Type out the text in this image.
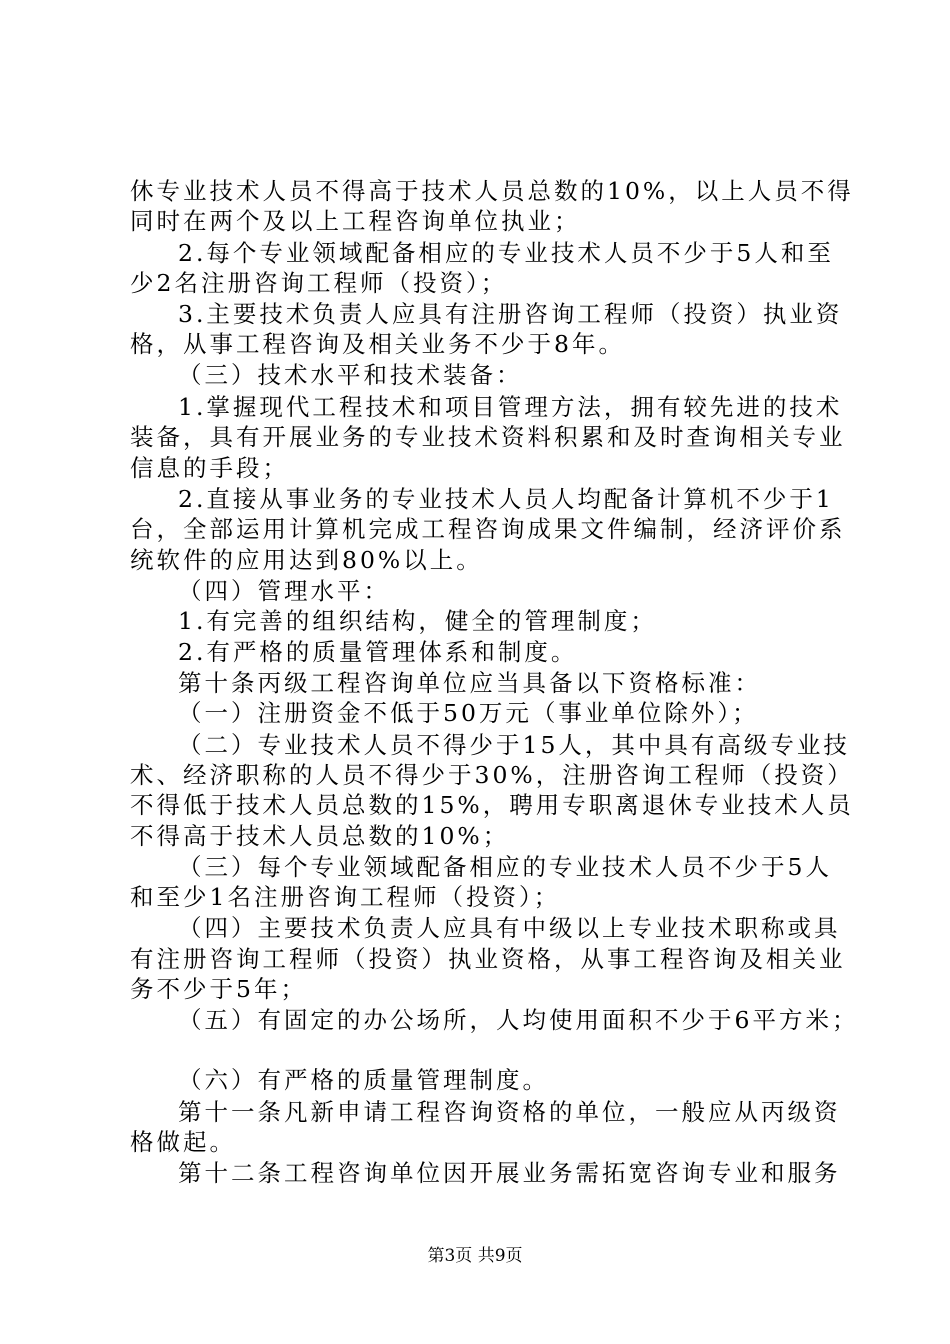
休专业技术人员不得高于技术人员总数的10%，以上人员不得
同时在两个及以上工程咨询单位执业；
2.每个专业领域配备相应的专业技术人员不少于5人和至
少2名注册咨询工程师（投资）；
3.主要技术负责人应具有注册咨询工程师（投资）执业资
格，从事工程咨询及相关业务不少于8年。
（三）技术水平和技术装备：
1.掌握现代工程技术和项目管理方法，拥有较先进的技术
装备，具有开展业务的专业技术资料积累和及时查询相关专业
信息的手段；
2.直接从事业务的专业技术人员人均配备计算机不少于1
台，全部运用计算机完成工程咨询成果文件编制，经济评价系
统软件的应用达到80%以上。
（四）管理水平：
1.有完善的组织结构，健全的管理制度；
2.有严格的质量管理体系和制度。
第十条丙级工程咨询单位应当具备以下资格标准：
（一）注册资金不低于50万元（事业单位除外）；
（二）专业技术人员不得少于15人，其中具有高级专业技
术、经济职称的人员不得少于30%，注册咨询工程师（投资）
不得低于技术人员总数的15%，聘用专职离退休专业技术人员
不得高于技术人员总数的10%；
（三）每个专业领域配备相应的专业技术人员不少于5人
和至少1名注册咨询工程师（投资）；
（四）主要技术负责人应具有中级以上专业技术职称或具
有注册咨询工程师（投资）执业资格，从事工程咨询及相关业
务不少于5年；
（五）有固定的办公场所，人均使用面积不少于6平方米；
（六）有严格的质量管理制度。
第十一条凡新申请工程咨询资格的单位，一般应从丙级资
格做起。
第十二条工程咨询单位因开展业务需拓宽咨询专业和服务
第3页 共9页
